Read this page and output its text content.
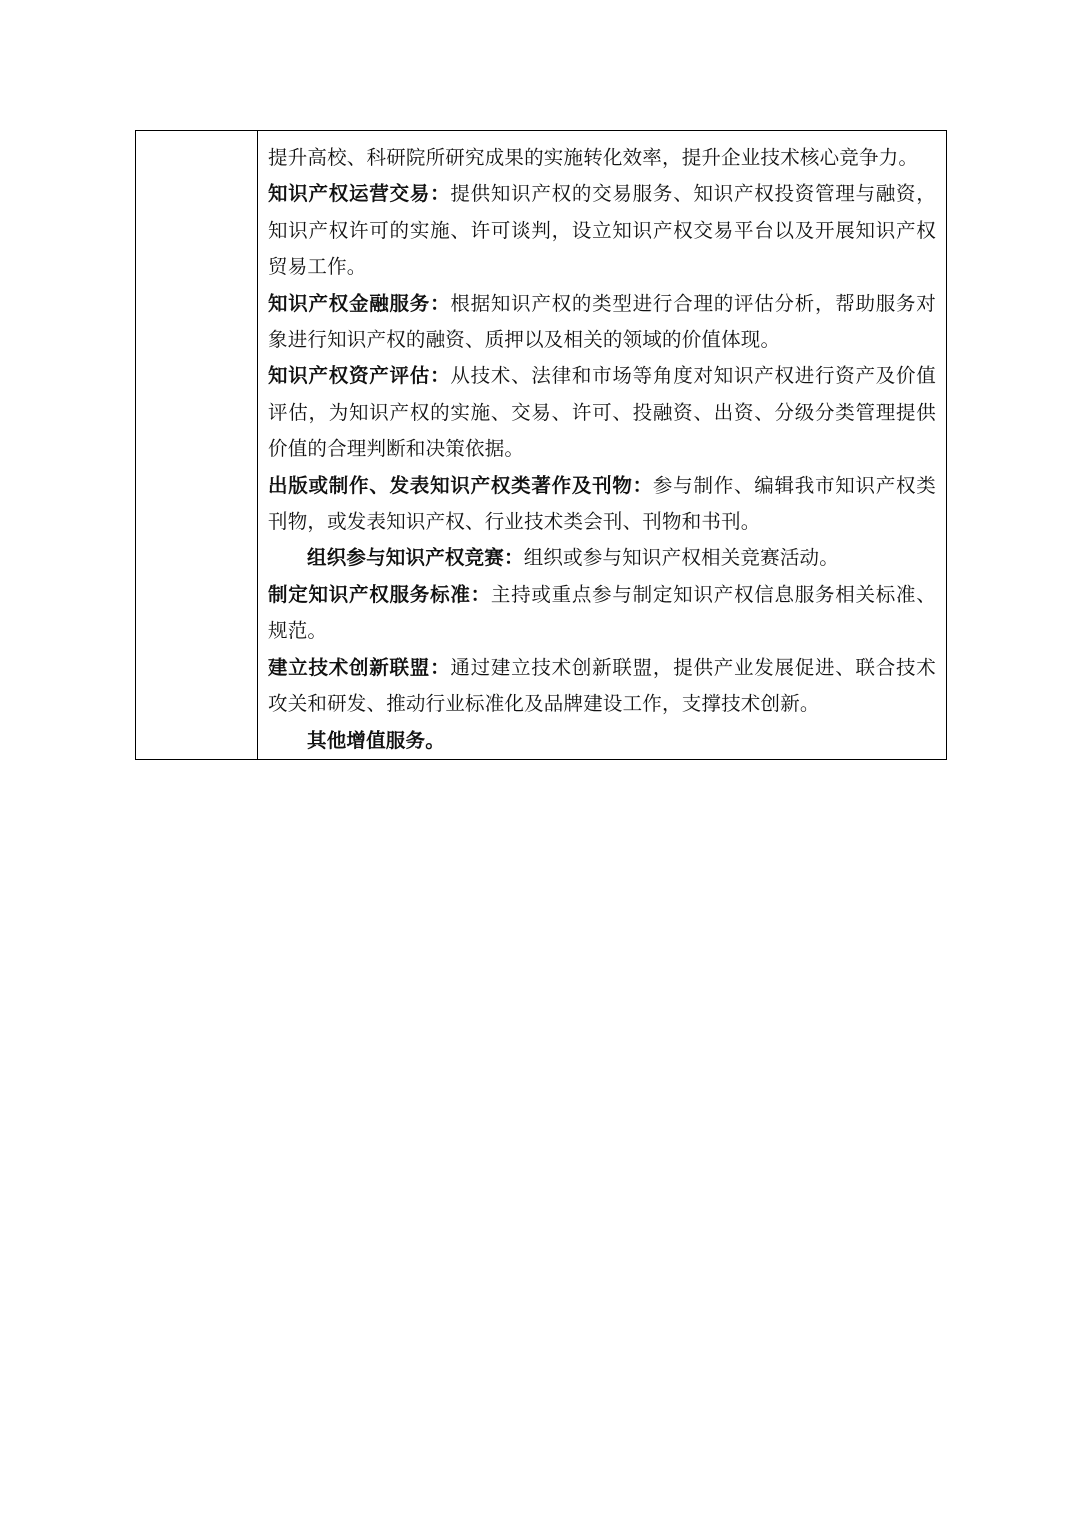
提升高校、科研院所研究成果的实施转化效率，提升企业技术核心竞争力。

知识产权运营交易：提供知识产权的交易服务、知识产权投资管理与融资，知识产权许可的实施、许可谈判，设立知识产权交易平台以及开展知识产权贸易工作。

知识产权金融服务：根据知识产权的类型进行合理的评估分析，帮助服务对象进行知识产权的融资、质押以及相关的领域的价值体现。

知识产权资产评估：从技术、法律和市场等角度对知识产权进行资产及价值评估，为知识产权的实施、交易、许可、投融资、出资、分级分类管理提供价值的合理判断和决策依据。

出版或制作、发表知识产权类著作及刊物：参与制作、编辑我市知识产权类刊物，或发表知识产权、行业技术类会刊、刊物和书刊。

组织参与知识产权竞赛：组织或参与知识产权相关竞赛活动。

制定知识产权服务标准：主持或重点参与制定知识产权信息服务相关标准、规范。

建立技术创新联盟：通过建立技术创新联盟，提供产业发展促进、联合技术攻关和研发、推动行业标准化及品牌建设工作，支撑技术创新。

其他增值服务。
